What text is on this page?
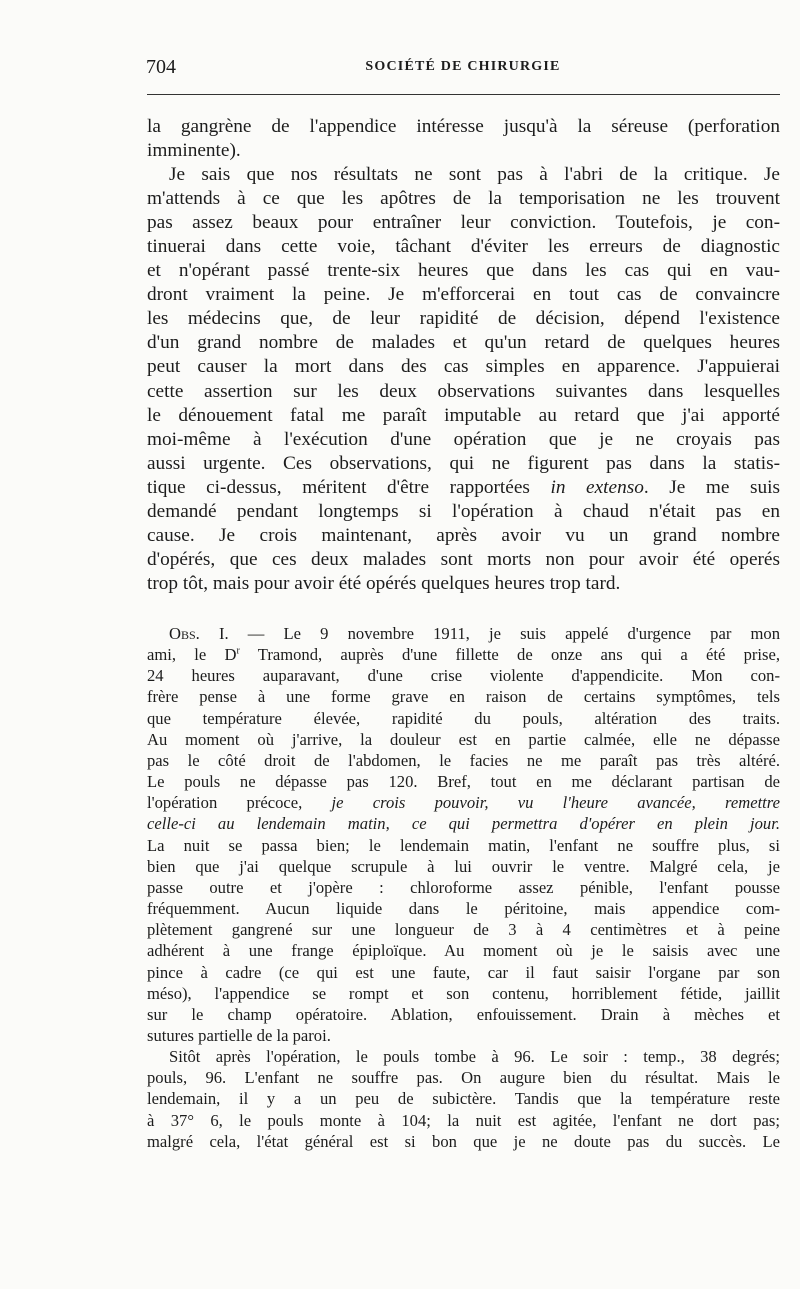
704	SOCIÉTÉ DE CHIRURGIE
la gangrène de l'appendice intéresse jusqu'à la séreuse (perforation
imminente).
Je sais que nos résultats ne sont pas à l'abri de la critique. Je
m'attends à ce que les apôtres de la temporisation ne les trouvent
pas assez beaux pour entraîner leur conviction. Toutefois, je con-
tinuerai dans cette voie, tâchant d'éviter les erreurs de diagnostic
et n'opérant passé trente-six heures que dans les cas qui en vau-
dront vraiment la peine. Je m'efforcerai en tout cas de convaincre
les médecins que, de leur rapidité de décision, dépend l'existence
d'un grand nombre de malades et qu'un retard de quelques heures
peut causer la mort dans des cas simples en apparence. J'appuierai
cette assertion sur les deux observations suivantes dans lesquelles
le dénouement fatal me paraît imputable au retard que j'ai apporté
moi-même à l'exécution d'une opération que je ne croyais pas
aussi urgente. Ces observations, qui ne figurent pas dans la statis-
tique ci-dessus, méritent d'être rapportées in extenso. Je me suis
demandé pendant longtemps si l'opération à chaud n'était pas en
cause. Je crois maintenant, après avoir vu un grand nombre
d'opérés, que ces deux malades sont morts non pour avoir été operés
trop tôt, mais pour avoir été opérés quelques heures trop tard.
Obs. I. — Le 9 novembre 1911, je suis appelé d'urgence par mon
ami, le $D^r$ Tramond, auprès d'une fillette de onze ans qui a été prise,
24 heures auparavant, d'une crise violente d'appendicite. Mon con-
frère pense à une forme grave en raison de certains symptômes, tels
que température élevée, rapidité du pouls, altération des traits.
Au moment où j'arrive, la douleur est en partie calmée, elle ne dépasse
pas le côté droit de l'abdomen, le facies ne me paraît pas très altéré.
Le pouls ne dépasse pas 120. Bref, tout en me déclarant partisan de
l'opération précoce, je crois pouvoir, vu l'heure avancée, remettre
celle-ci au lendemain matin, ce qui permettra d'opérer en plein jour.
La nuit se passa bien; le lendemain matin, l'enfant ne souffre plus, si
bien que j'ai quelque scrupule à lui ouvrir le ventre. Malgré cela, je
passe outre et j'opère : chloroforme assez pénible, l'enfant pousse
fréquemment. Aucun liquide dans le péritoine, mais appendice com-
plètement gangrené sur une longueur de 3 à 4 centimètres et à peine
adhérent à une frange épiploïque. Au moment où je le saisis avec une
pince à cadre (ce qui est une faute, car il faut saisir l'organe par son
méso), l'appendice se rompt et son contenu, horriblement fétide, jaillit
sur le champ opératoire. Ablation, enfouissement. Drain à mèches et
sutures partielle de la paroi.
Sitôt après l'opération, le pouls tombe à 96. Le soir : temp., 38 degrés;
pouls, 96. L'enfant ne souffre pas. On augure bien du résultat. Mais le
lendemain, il y a un peu de subictère. Tandis que la température reste
à 37° 6, le pouls monte à 104; la nuit est agitée, l'enfant ne dort pas;
malgré cela, l'état général est si bon que je ne doute pas du succès. Le
